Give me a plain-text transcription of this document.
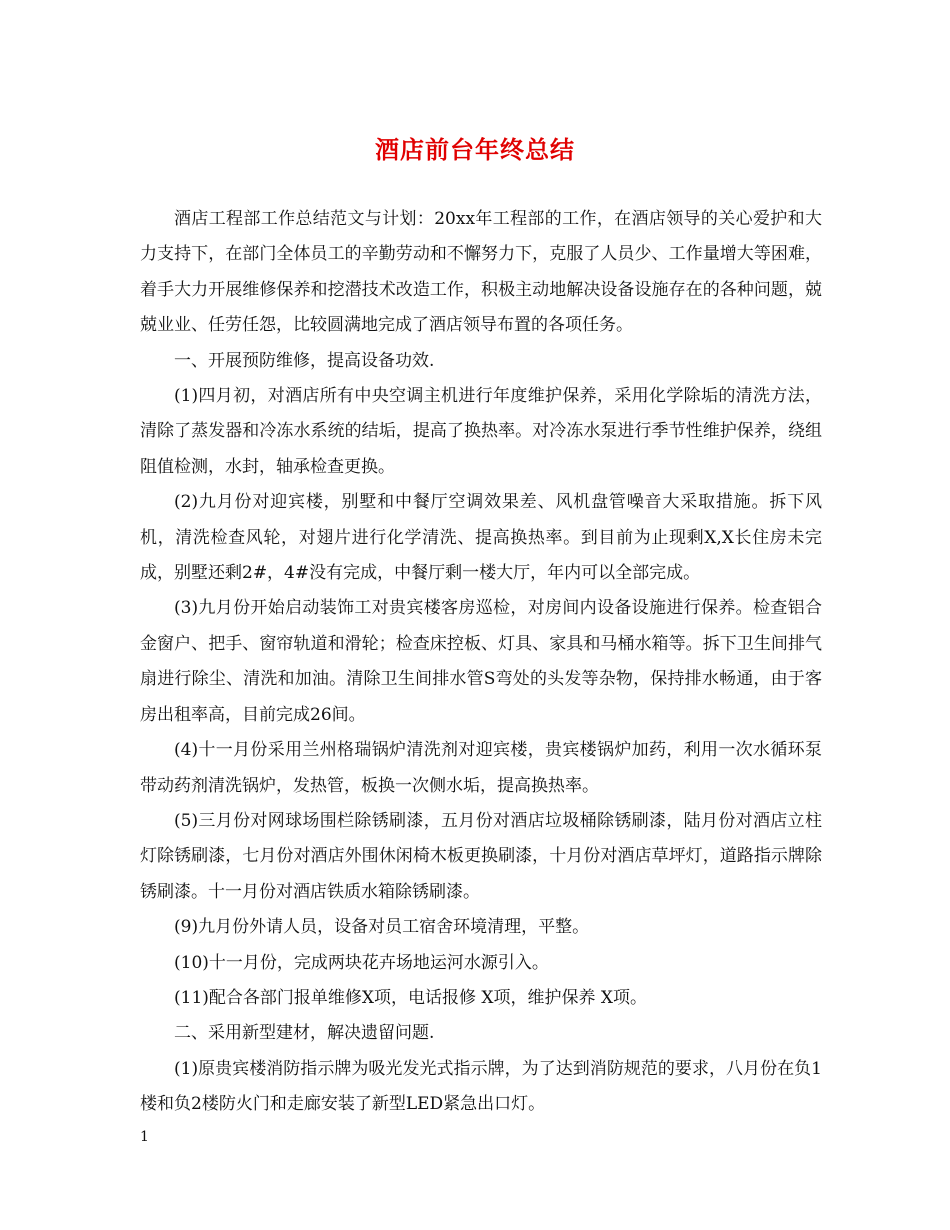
酒店前台年终总结

酒店工程部工作总结范文与计划：20xx年工程部的工作，在酒店领导的关心爱护和大力支持下，在部门全体员工的辛勤劳动和不懈努力下，克服了人员少、工作量增大等困难，着手大力开展维修保养和挖潜技术改造工作，积极主动地解决设备设施存在的各种问题，兢兢业业、任劳任怨，比较圆满地完成了酒店领导布置的各项任务。

一、开展预防维修，提高设备功效.

(1)四月初，对酒店所有中央空调主机进行年度维护保养，采用化学除垢的清洗方法，清除了蒸发器和冷冻水系统的结垢，提高了换热率。对冷冻水泵进行季节性维护保养，绕组阻值检测，水封，轴承检查更换。

(2)九月份对迎宾楼，别墅和中餐厅空调效果差、风机盘管噪音大采取措施。拆下风机，清洗检查风轮，对翅片进行化学清洗、提高换热率。到目前为止现剩X,X长住房未完成，别墅还剩2#，4#没有完成，中餐厅剩一楼大厅，年内可以全部完成。

(3)九月份开始启动装饰工对贵宾楼客房巡检，对房间内设备设施进行保养。检查铝合金窗户、把手、窗帘轨道和滑轮；检查床控板、灯具、家具和马桶水箱等。拆下卫生间排气扇进行除尘、清洗和加油。清除卫生间排水管S弯处的头发等杂物，保持排水畅通，由于客房出租率高，目前完成26间。

(4)十一月份采用兰州格瑞锅炉清洗剂对迎宾楼，贵宾楼锅炉加药，利用一次水循环泵带动药剂清洗锅炉，发热管，板换一次侧水垢，提高换热率。

(5)三月份对网球场围栏除锈刷漆，五月份对酒店垃圾桶除锈刷漆，陆月份对酒店立柱灯除锈刷漆，七月份对酒店外围休闲椅木板更换刷漆，十月份对酒店草坪灯，道路指示牌除锈刷漆。十一月份对酒店铁质水箱除锈刷漆。

(9)九月份外请人员，设备对员工宿舍环境清理，平整。

(10)十一月份，完成两块花卉场地运河水源引入。

(11)配合各部门报单维修X项，电话报修 X项，维护保养 X项。

二、采用新型建材，解决遗留问题.

(1)原贵宾楼消防指示牌为吸光发光式指示牌，为了达到消防规范的要求，八月份在负1楼和负2楼防火门和走廊安装了新型LED紧急出口灯。

1
